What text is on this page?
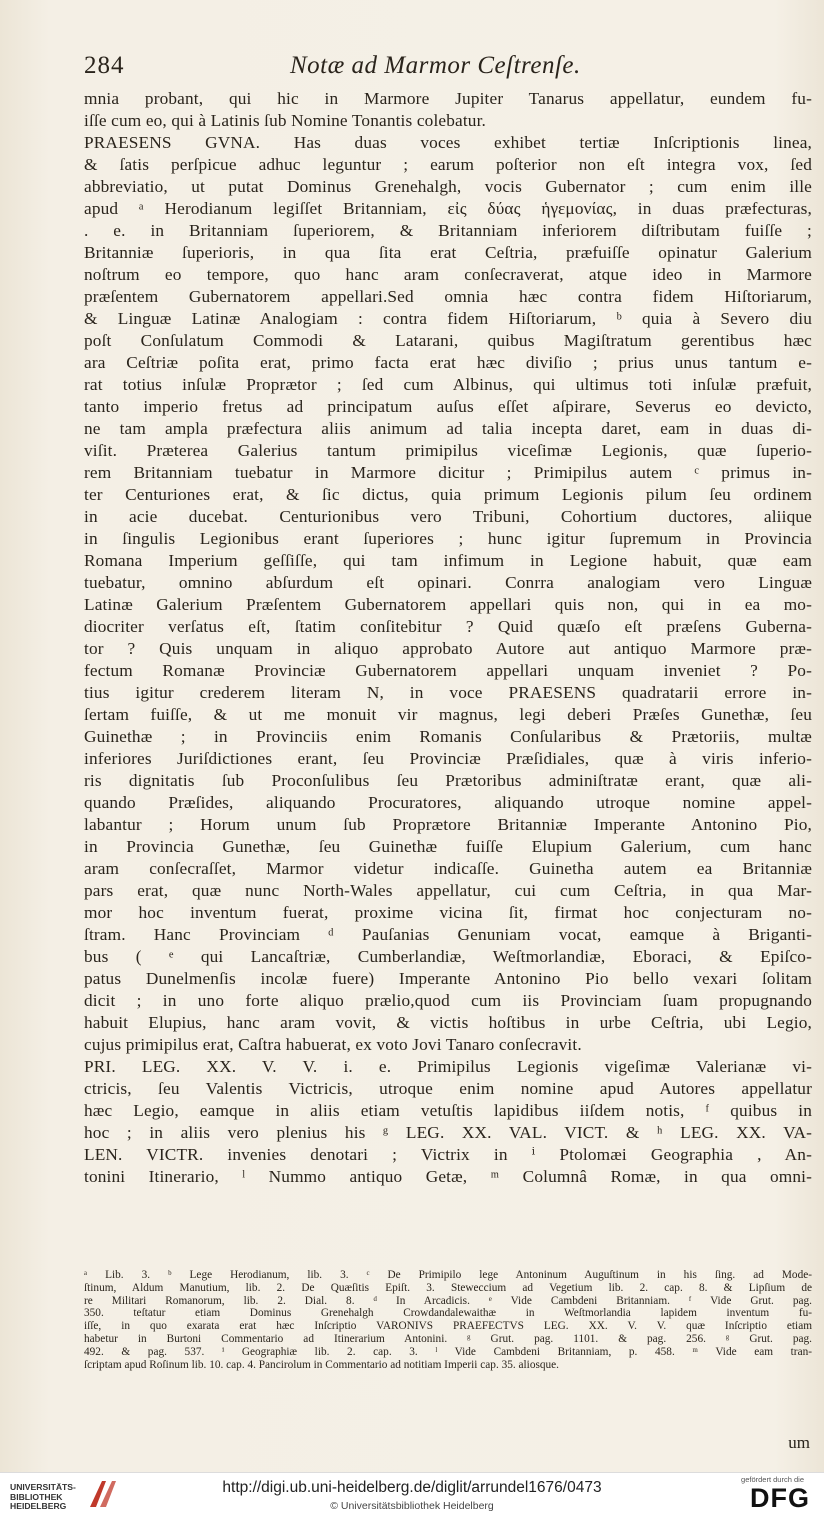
284	Notæ ad Marmor Ceſtrenſe.
mnia probant, qui hic in Marmore Jupiter Tanarus appellatur, eundem fu-
iſſe cum eo, qui à Latinis ſub Nomine Tonantis colebatur.
PRAESENS GVNA. Has duas voces exhibet tertiæ Inſcriptionis linea,
& ſatis perſpicue adhuc leguntur ; earum poſterior non eſt integra vox, ſed
abbreviatio, ut putat Dominus Grenehalgh, vocis Gubernator ; cum enim ille
apud ᵃ Herodianum legiſſet Britanniam, εἰς δύας ἡγεμονίας, in duas præfecturas,
. e. in Britanniam ſuperiorem, & Britanniam inferiorem diſtributam fuiſſe ;
Britanniæ ſuperioris, in qua ſita erat Ceſtria, præfuiſſe opinatur Galerium
noſtrum eo tempore, quo hanc aram conſecraverat, atque ideo in Marmore
præſentem Gubernatorem appellari.Sed omnia hæc contra fidem Hiſtoriarum,
& Linguæ Latinæ Analogiam : contra fidem Hiſtoriarum, ᵇ quia à Severo diu
poſt Conſulatum Commodi & Latarani, quibus Magiſtratum gerentibus hæc
ara Ceſtriæ poſita erat, primo facta erat hæc diviſio ; prius unus tantum e-
rat totius inſulæ Proprætor ; ſed cum Albinus, qui ultimus toti inſulæ præfuit,
tanto imperio fretus ad principatum auſus eſſet aſpirare, Severus eo devicto,
ne tam ampla præfectura aliis animum ad talia incepta daret, eam in duas di-
viſit. Præterea Galerius tantum primipilus viceſimæ Legionis, quæ ſuperio-
rem Britanniam tuebatur in Marmore dicitur ; Primipilus autem ᶜ primus in-
ter Centuriones erat, & ſic dictus, quia primum Legionis pilum ſeu ordinem
in acie ducebat. Centurionibus vero Tribuni, Cohortium ductores, aliique
in ſingulis Legionibus erant ſuperiores ; hunc igitur ſupremum in Provincia
Romana Imperium geſſiſſe, qui tam infimum in Legione habuit, quæ eam
tuebatur, omnino abſurdum eſt opinari. Conrra analogiam vero Linguæ
Latinæ Galerium Præſentem Gubernatorem appellari quis non, qui in ea mo-
diocriter verſatus eſt, ſtatim conſitebitur ? Quid quæſo eſt præſens Guberna-
tor ? Quis unquam in aliquo approbato Autore aut antiquo Marmore præ-
fectum Romanæ Provinciæ Gubernatorem appellari unquam inveniet ? Po-
tius igitur crederem literam N, in voce PRAESENS quadratarii errore in-
ſertam fuiſſe, & ut me monuit vir magnus, legi deberi Præſes Gunethæ, ſeu
Guinethæ ; in Provinciis enim Romanis Conſularibus & Prætoriis, multæ
inferiores Juriſdictiones erant, ſeu Provinciæ Præſidiales, quæ à viris inferio-
ris dignitatis ſub Proconſulibus ſeu Prætoribus adminiſtratæ erant, quæ ali-
quando Præſides, aliquando Procuratores, aliquando utroque nomine appel-
labantur ; Horum unum ſub Proprætore Britanniæ Imperante Antonino Pio,
in Provincia Gunethæ, ſeu Guinethæ fuiſſe Elupium Galerium, cum hanc
aram conſecraſſet, Marmor videtur indicaſſe. Guinetha autem ea Britanniæ
pars erat, quæ nunc North-Wales appellatur, cui cum Ceſtria, in qua Mar-
mor hoc inventum fuerat, proxime vicina ſit, firmat hoc conjecturam no-
ſtram. Hanc Provinciam ᵈ Pauſanias Genuniam vocat, eamque à Briganti-
bus ( ᵉ qui Lancaſtriæ, Cumberlandiæ, Weſtmorlandiæ, Eboraci, & Epiſco-
patus Dunelmenſis incolæ fuere) Imperante Antonino Pio bello vexari ſolitam
dicit ; in uno forte aliquo prælio,quod cum iis Provinciam ſuam propugnando
habuit Elupius, hanc aram vovit, & victis hoſtibus in urbe Ceſtria, ubi Legio,
cujus primipilus erat, Caſtra habuerat, ex voto Jovi Tanaro conſecravit.
PRI. LEG. XX. V. V. i. e. Primipilus Legionis vigeſimæ Valerianæ vi-
ctricis, ſeu Valentis Victricis, utroque enim nomine apud Autores appellatur
hæc Legio, eamque in aliis etiam vetuſtis lapidibus iiſdem notis, ᶠ quibus in
hoc ; in aliis vero plenius his ᵍ LEG. XX. VAL. VICT. & ʰ LEG. XX. VA-
LEN. VICTR. invenies denotari ; Victrix in ⁱ Ptolomæi Geographia , An-
tonini Itinerario, ˡ Nummo antiquo Getæ, ᵐ Columnâ Romæ, in qua omni-
ᵃ Lib. 3. ᵇ Lege Herodianum, lib. 3. ᶜ De Primipilo lege Antoninum Auguſtinum in his ſing. ad Mode-
ſtinum, Aldum Manutium, lib. 2. De Quæſitis Epiſt. 3. Steweccium ad Vegetium lib. 2. cap. 8. & Lipſium de
re Militari Romanorum, lib. 2. Dial. 8. ᵈ In Arcadicis. ᵉ Vide Cambdeni Britanniam. ᶠ Vide Grut. pag.
350. teſtatur etiam Dominus Grenehalgh Crowdandalewaithæ in Weſtmorlandia lapidem inventum fu-
iſſe, in quo exarata erat hæc Inſcriptio VARONIVS PRAEFECTVS LEG. XX. V. V. quæ Inſcriptio etiam
habetur in Burtoni Commentario ad Itinerarium Antonini. ᵍ Grut. pag. 1101. & pag. 256. ᵍ Grut. pag.
492. & pag. 537. ⁱ Geographiæ lib. 2. cap. 3. ˡ Vide Cambdeni Britanniam, p. 458. ᵐ Vide eam tran-
ſcriptam apud Roſinum lib. 10. cap. 4. Pancirolum in Commentario ad notitiam Imperii cap. 35. aliosque.
um
UNIVERSITÄTS-
BIBLIOTHEK
HEIDELBERG
http://digi.ub.uni-heidelberg.de/diglit/arrundel1676/0473
© Universitätsbibliothek Heidelberg
gefördert durch die
DFG
